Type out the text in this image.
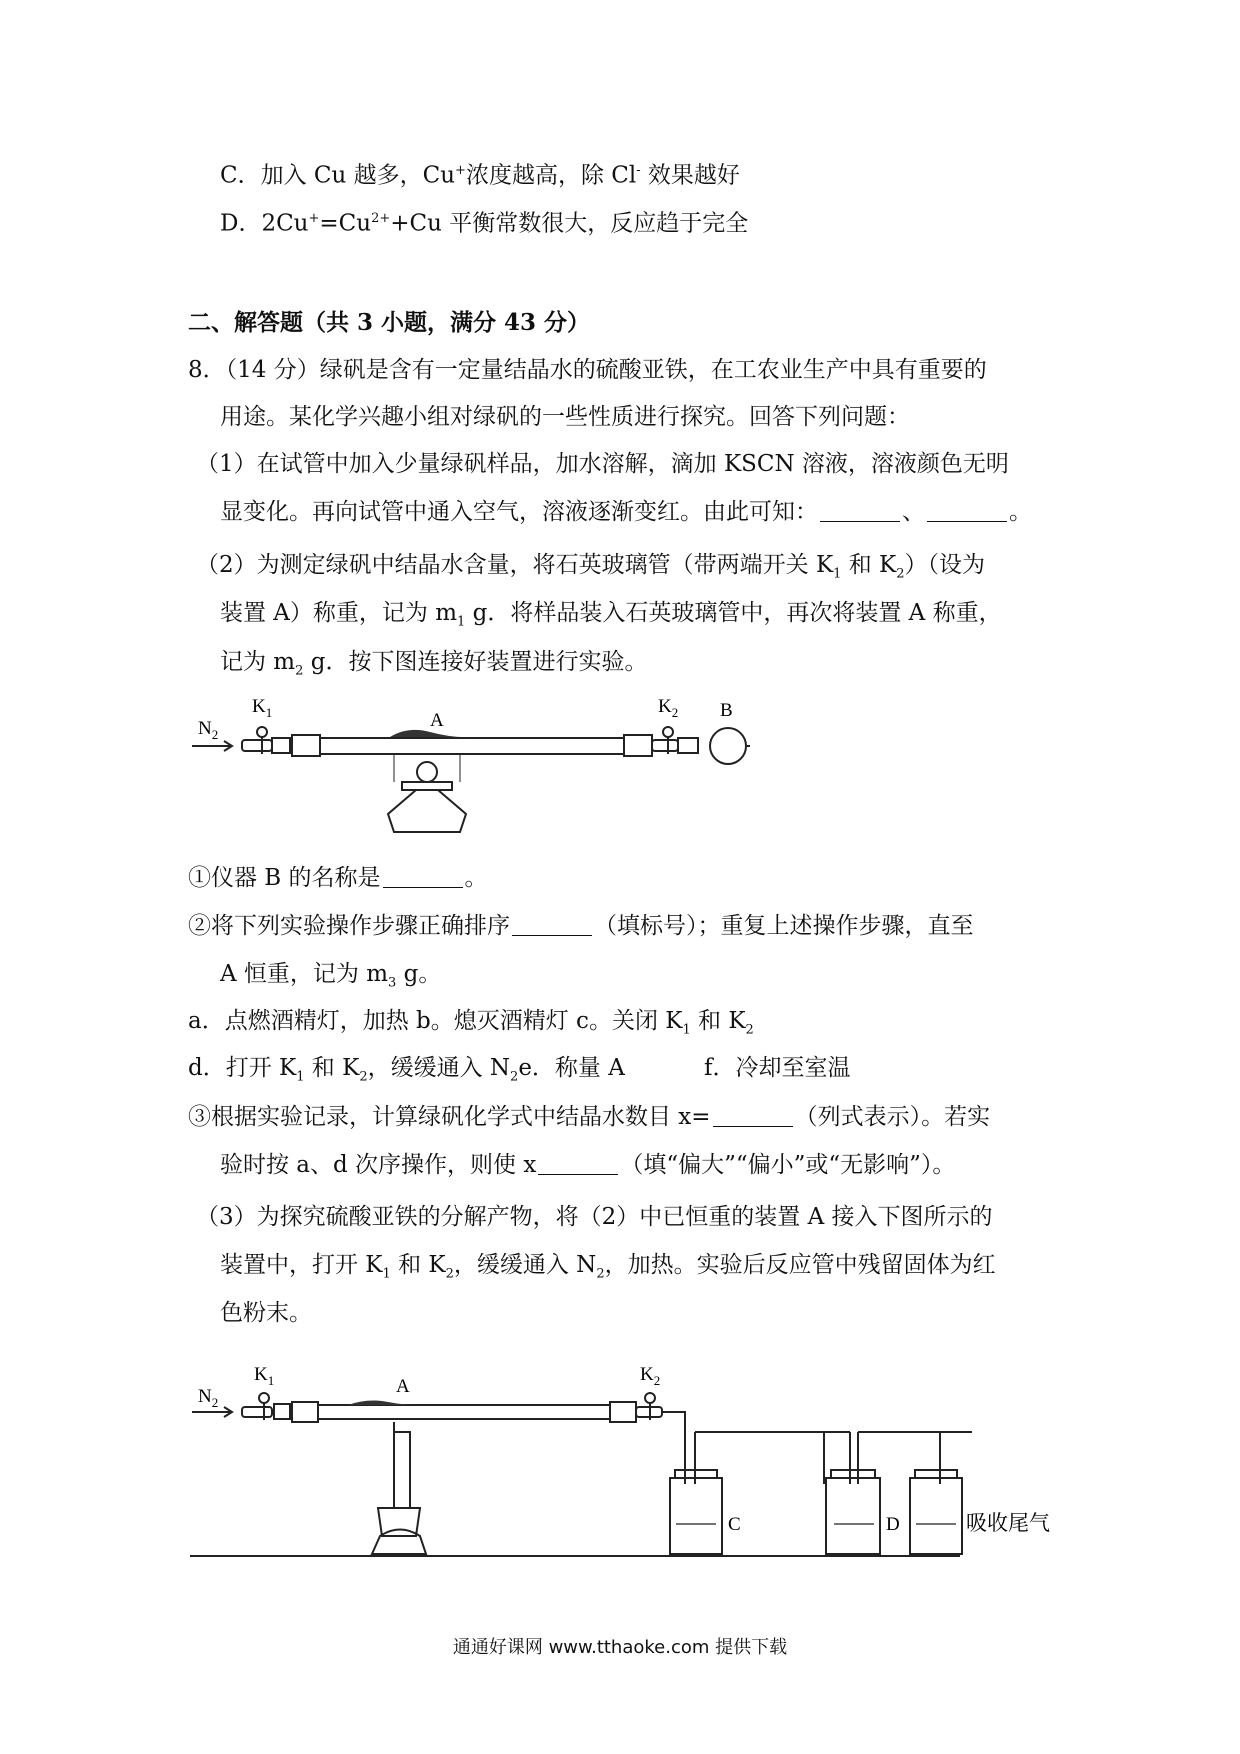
C．加入 Cu 越多，Cu+浓度越高，除 Cl- 效果越好
D．$2Cu^+=Cu^{2+}+Cu$ 平衡常数很大，反应趋于完全
二、解答题（共 3 小题，满分 43 分）
8．（14 分）绿矾是含有一定量结晶水的硫酸亚铁，在工农业生产中具有重要的
用途。某化学兴趣小组对绿矾的一些性质进行探究。回答下列问题：
（1）在试管中加入少量绿矾样品，加水溶解，滴加 KSCN 溶液，溶液颜色无明
显变化。再向试管中通入空气，溶液逐渐变红。由此可知：	、	。
（2）为测定绿矾中结晶水含量，将石英玻璃管（带两端开关 $K_1$ 和 $K_2$）（设为
装置 A）称重，记为 $m_1$ g．将样品装入石英玻璃管中，再次将装置 A 称重，
记为 $m_2$ g．按下图连接好装置进行实验。
$N_2$
$K_1$	A
$K_2$ B
①仪器 B 的名称是	。
②将下列实验操作步骤正确排序	（填标号）；重复上述操作步骤，直至
A 恒重，记为 $m_3$ g。
a．点燃酒精灯，加热 b。熄灭酒精灯 c。关闭 $K_1$ 和 $K_2$
d．打开 $K_1$ 和 $K_2$，缓缓通入 $N_2e$．称量 A	f．冷却至室温
③根据实验记录，计算绿矾化学式中结晶水数目 x=	（列式表示）。若实
验时按 a、d 次序操作，则使 x	（填“偏大”“偏小”或“无影响”）。
（3）为探究硫酸亚铁的分解产物，将（2）中已恒重的装置 A 接入下图所示的
装置中，打开 $K_1$ 和 $K_2$，缓缓通入 $N_2$，加热。实验后反应管中残留固体为红
色粉末。
$N_2$
$K_1$	A
$K_2$
C	D	吸收尾气
通通好课网 www.tthaoke.com 提供下载
